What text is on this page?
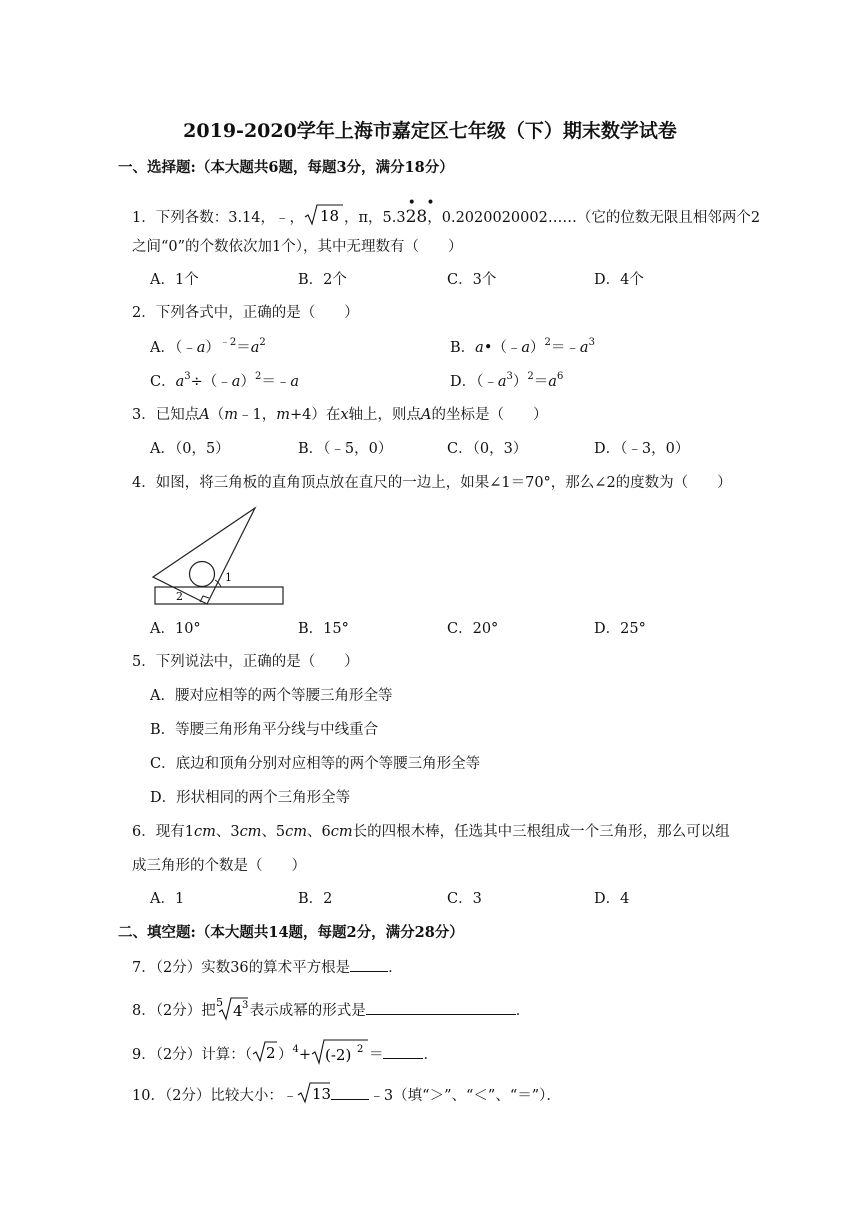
2019-2020学年上海市嘉定区七年级（下）期末数学试卷
一、选择题:（本大题共6题，每题3分，满分18分）
1．下列各数：3.14，﹣， 18 ，π，5.3
• •
28，0.2020020002……（它的位数无限且相邻两个2
之间“0”的个数依次加1个），其中无理数有（　　）
A．1个	B．2个	C．3个	D．4个
2．下列各式中，正确的是（　　）
A．$(﹣a)^{﹣2}=a^2$	B．$a•(﹣a)^2=﹣a^3$
C．$a^3\div(﹣a)^2=﹣a$	D．$(﹣a^3)^2=a^6$
3．已知点A（m﹣1，m+4）在x轴上，则点A的坐标是（　　）
A．（0，5）	B．（﹣5，0）	C．（0，3）	D．（﹣3，0）
4．如图，将三角板的直角顶点放在直尺的一边上，如果∠1＝70°，那么∠2的度数为（　　）
1
2
A．10°	B．15°	C．20°	D．25°
5．下列说法中，正确的是（　　）
A．腰对应相等的两个等腰三角形全等
B．等腰三角形角平分线与中线重合
C．底边和顶角分别对应相等的两个等腰三角形全等
D．形状相同的两个三角形全等
6．现有1cm、3cm、5cm、6cm长的四根木棒，任选其中三根组成一个三角形，那么可以组
成三角形的个数是（　　）
A．1	B．2	C．3	D．4
二、填空题:（本大题共14题，每题2分，满分28分）
7．（2分）实数36的算术平方根是	．
8．（2分）把
5 4 3 表示成幂的形式是	．
9．（2分）计算：（ 2 ）$^4$+ (-2) 2 ＝	．
10．（2分）比较大小：﹣ 13	﹣3（填“＞”、“＜”、“＝”）．
